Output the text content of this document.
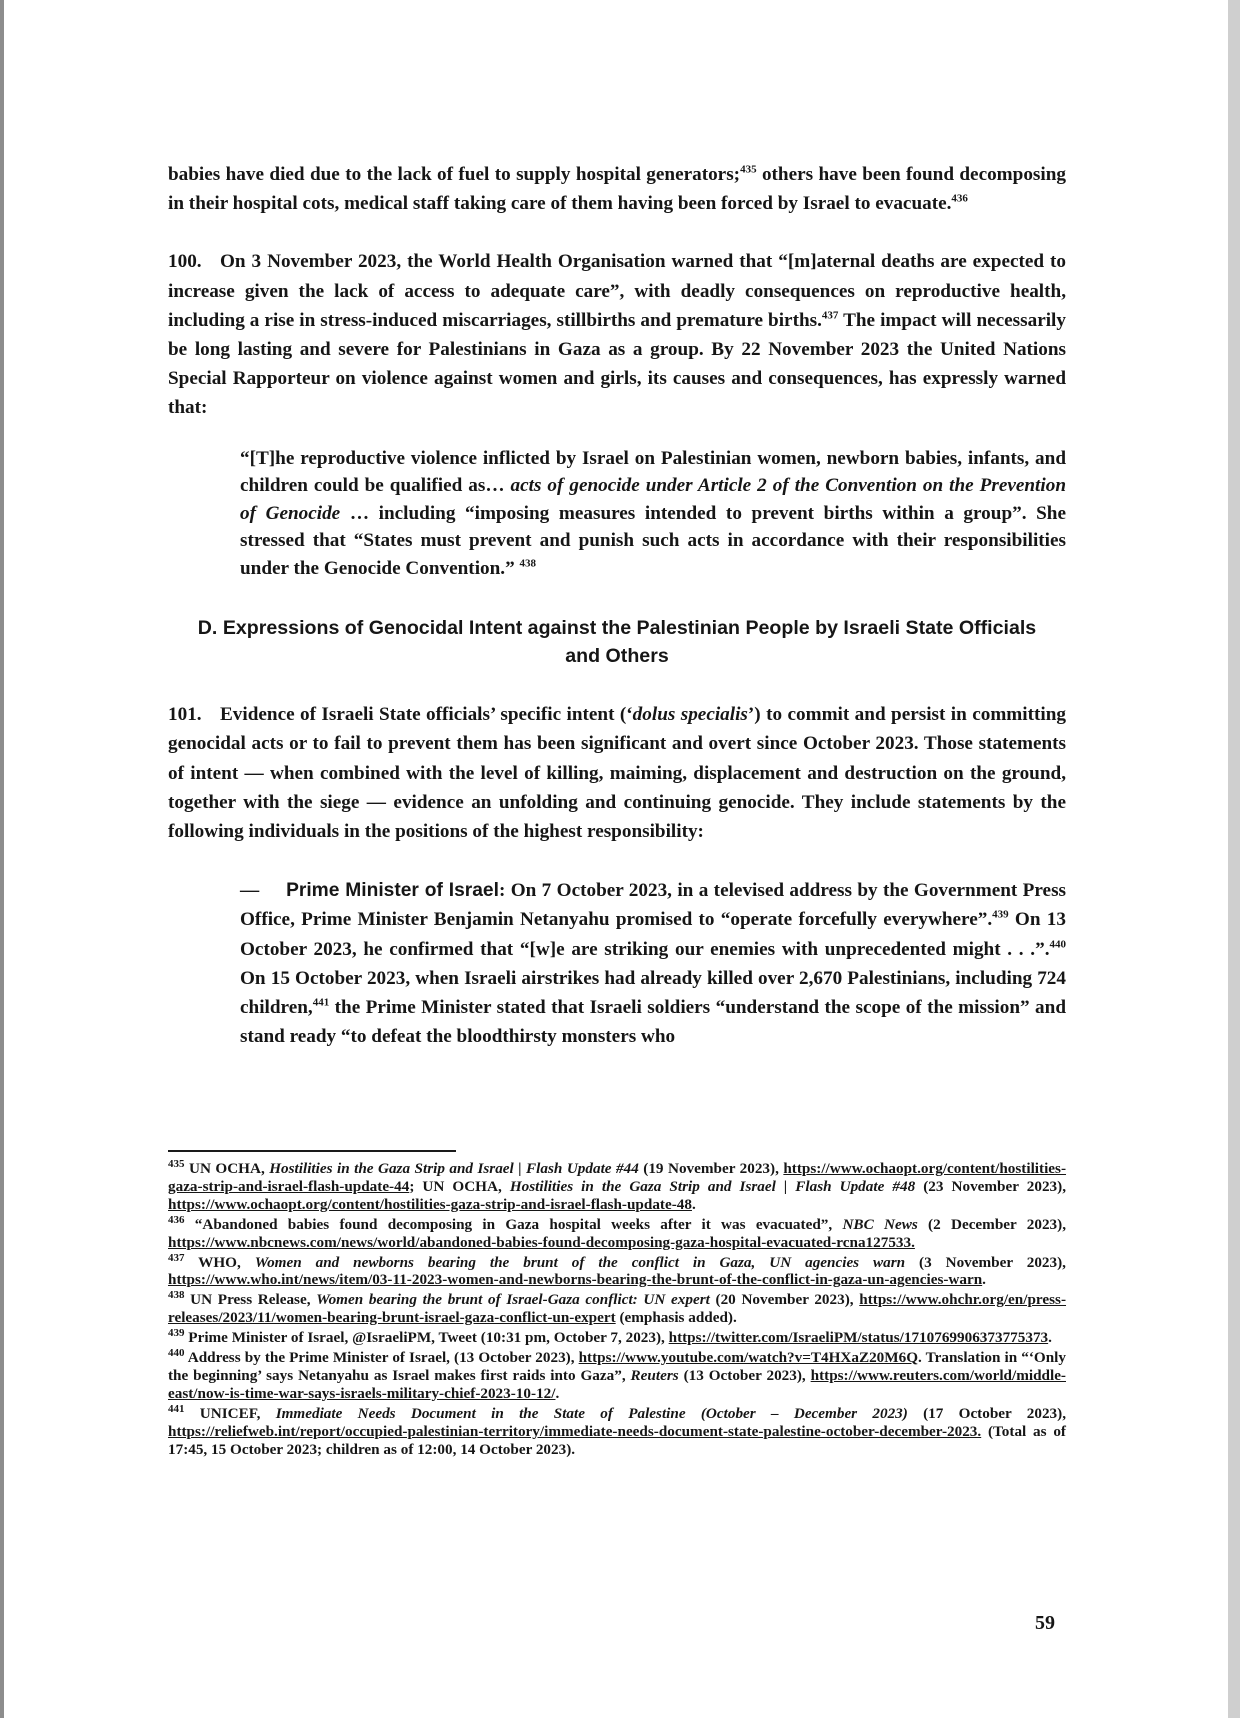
babies have died due to the lack of fuel to supply hospital generators;$^{435}$ others have been found decomposing in their hospital cots, medical staff taking care of them having been forced by Israel to evacuate.$^{436}$

100. On 3 November 2023, the World Health Organisation warned that “[m]aternal deaths are expected to increase given the lack of access to adequate care”, with deadly consequences on reproductive health, including a rise in stress-induced miscarriages, stillbirths and premature births.$^{437}$ The impact will necessarily be long lasting and severe for Palestinians in Gaza as a group. By 22 November 2023 the United Nations Special Rapporteur on violence against women and girls, its causes and consequences, has expressly warned that:

“[T]he reproductive violence inflicted by Israel on Palestinian women, newborn babies, infants, and children could be qualified as… acts of genocide under Article 2 of the Convention on the Prevention of Genocide … including “imposing measures intended to prevent births within a group”. She stressed that “States must prevent and punish such acts in accordance with their responsibilities under the Genocide Convention.” $^{438}$

D. Expressions of Genocidal Intent against the Palestinian People by Israeli State Officials
and Others

101. Evidence of Israeli State officials’ specific intent (‘dolus specialis’) to commit and persist in committing genocidal acts or to fail to prevent them has been significant and overt since October 2023. Those statements of intent — when combined with the level of killing, maiming, displacement and destruction on the ground, together with the siege — evidence an unfolding and continuing genocide. They include statements by the following individuals in the positions of the highest responsibility:

— Prime Minister of Israel: On 7 October 2023, in a televised address by the Government Press Office, Prime Minister Benjamin Netanyahu promised to “operate forcefully everywhere”.$^{439}$ On 13 October 2023, he confirmed that “[w]e are striking our enemies with unprecedented might . . .”.$^{440}$ On 15 October 2023, when Israeli airstrikes had already killed over 2,670 Palestinians, including 724 children,$^{441}$ the Prime Minister stated that Israeli soldiers “understand the scope of the mission” and stand ready “to defeat the bloodthirsty monsters who

$^{435}$ UN OCHA, Hostilities in the Gaza Strip and Israel | Flash Update #44 (19 November 2023), https://www.ochaopt.org/content/hostilities-gaza-strip-and-israel-flash-update-44; UN OCHA, Hostilities in the Gaza Strip and Israel | Flash Update #48 (23 November 2023), https://www.ochaopt.org/content/hostilities-gaza-strip-and-israel-flash-update-48.

$^{436}$ “Abandoned babies found decomposing in Gaza hospital weeks after it was evacuated”, NBC News (2 December 2023), https://www.nbcnews.com/news/world/abandoned-babies-found-decomposing-gaza-hospital-evacuated-rcna127533.

$^{437}$ WHO, Women and newborns bearing the brunt of the conflict in Gaza, UN agencies warn (3 November 2023), https://www.who.int/news/item/03-11-2023-women-and-newborns-bearing-the-brunt-of-the-conflict-in-gaza-un-agencies-warn.

$^{438}$ UN Press Release, Women bearing the brunt of Israel-Gaza conflict: UN expert (20 November 2023), https://www.ohchr.org/en/press-releases/2023/11/women-bearing-brunt-israel-gaza-conflict-un-expert (emphasis added).

$^{439}$ Prime Minister of Israel, @IsraeliPM, Tweet (10:31 pm, October 7, 2023), https://twitter.com/IsraeliPM/status/1710769906373775373.

$^{440}$ Address by the Prime Minister of Israel, (13 October 2023), https://www.youtube.com/watch?v=T4HXaZ20M6Q. Translation in “‘Only the beginning’ says Netanyahu as Israel makes first raids into Gaza”, Reuters (13 October 2023), https://www.reuters.com/world/middle-east/now-is-time-war-says-israels-military-chief-2023-10-12/.

$^{441}$ UNICEF, Immediate Needs Document in the State of Palestine (October – December 2023) (17 October 2023), https://reliefweb.int/report/occupied-palestinian-territory/immediate-needs-document-state-palestine-october-december-2023. (Total as of 17:45, 15 October 2023; children as of 12:00, 14 October 2023).

59
